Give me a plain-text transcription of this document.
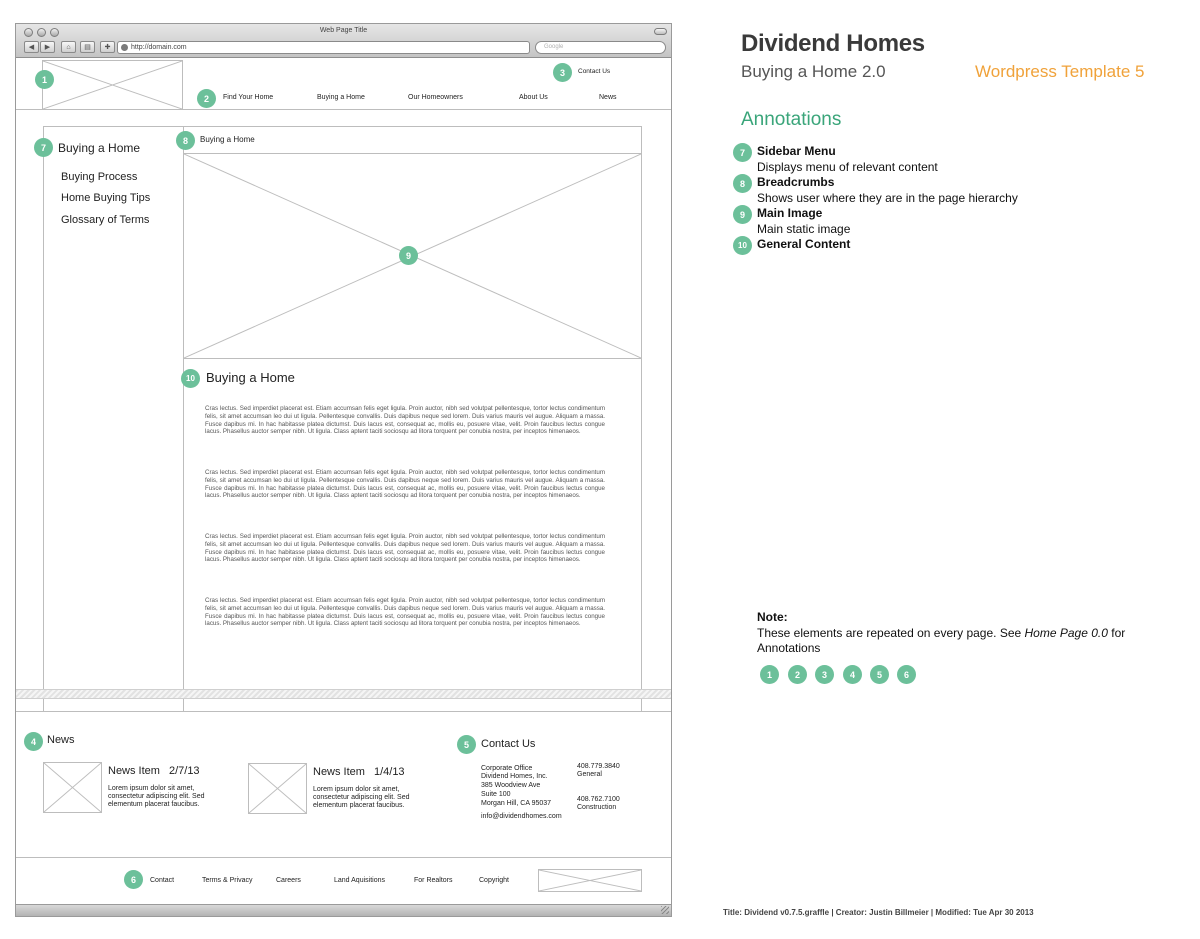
Web Page Title
◀ ▶ ⌂ ▤ ✚	http://domain.com	Google
1
3	Contact Us
2	Find Your Home	Buying a Home	Our Homeowners	About Us	News
7	Buying a Home
Buying Process
Home Buying Tips
Glossary of Terms
8	Buying a Home
9
10 Buying a Home
Cras lectus. Sed imperdiet placerat est. Etiam accumsan felis eget ligula. Proin auctor, nibh sed volutpat pellentesque, tortor lectus condimentum felis, sit amet accumsan leo dui ut ligula. Pellentesque convallis. Duis dapibus neque sed lorem. Duis varius mauris vel augue. Aliquam a massa. Fusce dapibus mi. In hac habitasse platea dictumst. Duis lacus est, consequat ac, mollis eu, posuere vitae, velit. Proin faucibus lectus congue lacus. Phasellus auctor semper nibh. Ut ligula. Class aptent taciti sociosqu ad litora torquent per conubia nostra, per inceptos himenaeos.
Cras lectus. Sed imperdiet placerat est. Etiam accumsan felis eget ligula. Proin auctor, nibh sed volutpat pellentesque, tortor lectus condimentum felis, sit amet accumsan leo dui ut ligula. Pellentesque convallis. Duis dapibus neque sed lorem. Duis varius mauris vel augue. Aliquam a massa. Fusce dapibus mi. In hac habitasse platea dictumst. Duis lacus est, consequat ac, mollis eu, posuere vitae, velit. Proin faucibus lectus congue lacus. Phasellus auctor semper nibh. Ut ligula. Class aptent taciti sociosqu ad litora torquent per conubia nostra, per inceptos himenaeos.
Cras lectus. Sed imperdiet placerat est. Etiam accumsan felis eget ligula. Proin auctor, nibh sed volutpat pellentesque, tortor lectus condimentum felis, sit amet accumsan leo dui ut ligula. Pellentesque convallis. Duis dapibus neque sed lorem. Duis varius mauris vel augue. Aliquam a massa. Fusce dapibus mi. In hac habitasse platea dictumst. Duis lacus est, consequat ac, mollis eu, posuere vitae, velit. Proin faucibus lectus congue lacus. Phasellus auctor semper nibh. Ut ligula. Class aptent taciti sociosqu ad litora torquent per conubia nostra, per inceptos himenaeos.
Cras lectus. Sed imperdiet placerat est. Etiam accumsan felis eget ligula. Proin auctor, nibh sed volutpat pellentesque, tortor lectus condimentum felis, sit amet accumsan leo dui ut ligula. Pellentesque convallis. Duis dapibus neque sed lorem. Duis varius mauris vel augue. Aliquam a massa. Fusce dapibus mi. In hac habitasse platea dictumst. Duis lacus est, consequat ac, mollis eu, posuere vitae, velit. Proin faucibus lectus congue lacus. Phasellus auctor semper nibh. Ut ligula. Class aptent taciti sociosqu ad litora torquent per conubia nostra, per inceptos himenaeos.
4	News
News Item 2/7/13
Lorem ipsum dolor sit amet, consectetur adipiscing elit. Sed elementum placerat faucibus.
News Item 1/4/13
Lorem ipsum dolor sit amet, consectetur adipiscing elit. Sed elementum placerat faucibus.
5	Contact Us
Corporate Office
Dividend Homes, Inc.
385 Woodview Ave
Suite 100
Morgan Hill, CA 95037
info@dividendhomes.com
408.779.3840
General
408.762.7100
Construction
6	Contact	Terms & Privacy	Careers	Land Aquisitions	For Realtors	Copyright
Dividend Homes
Buying a Home 2.0	Wordpress Template 5
Annotations
7	Sidebar Menu
Displays menu of relevant content
8	Breadcrumbs
Shows user where they are in the page hierarchy
9	Main Image
Main static image
10 General Content
Note:
These elements are repeated on every page. See Home Page 0.0 for Annotations
1	2	3	4	5	6
Title: Dividend v0.7.5.graffle | Creator: Justin Billmeier | Modified: Tue Apr 30 2013
